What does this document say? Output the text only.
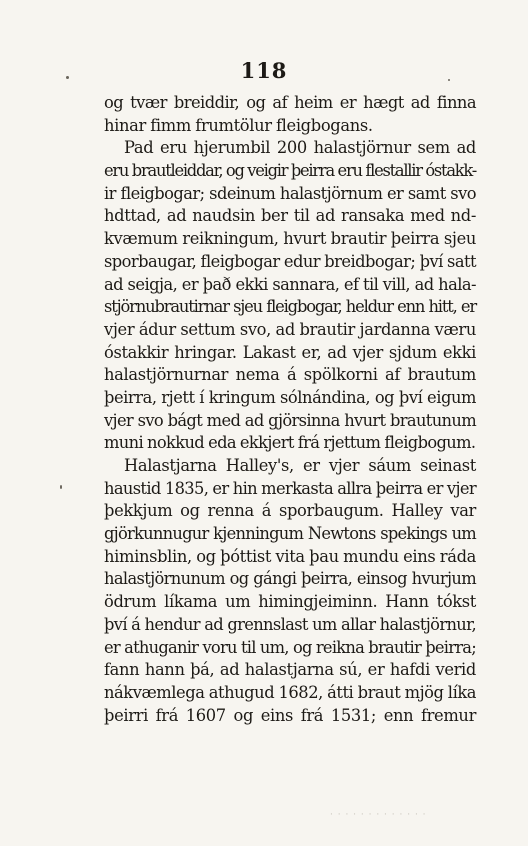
118
og tvær breiddir, og af heim er hægt ad finna
hinar fimm frumtölur fleigbogans.
Pad eru hjerumbil 200 halastjörnur sem ad
eru brautleiddar, og veigir þeirra eru flestallir óstakk-
ir fleigbogar; sdeinum halastjörnum er samt svo
hdttad, ad naudsin ber til ad ransaka med nd-
kvæmum reikningum, hvurt brautir þeirra sjeu
sporbaugar, fleigbogar edur breidbogar; því satt
ad seigja, er það ekki sannara, ef til vill, ad hala-
stjörnubrautirnar sjeu fleigbogar, heldur enn hitt, er
vjer ádur settum svo, ad brautir jardanna væru
óstakkir hringar. Lakast er, ad vjer sjdum ekki
halastjörnurnar nema á spölkorni af brautum
þeirra, rjett í kringum sólnándina, og því eigum
vjer svo bágt med ad gjörsinna hvurt brautunum
muni nokkud eda ekkjert frá rjettum fleigbogum.
Halastjarna Halley's, er vjer sáum seinast
haustid 1835, er hin merkasta allra þeirra er vjer
þekkjum og renna á sporbaugum. Halley var
gjörkunnugur kjenningum Newtons spekings um
himinsblin, og þóttist vita þau mundu eins ráda
halastjörnunum og gángi þeirra, einsog hvurjum
ödrum líkama um himingjeiminn. Hann tókst
því á hendur ad grennslast um allar halastjörnur,
er athuganir voru til um, og reikna brautir þeirra;
fann hann þá, ad halastjarna sú, er hafdi verid
nákvæmlega athugud 1682, átti braut mjög líka
þeirri frá 1607 og eins frá 1531; enn fremur
· · · · · · · · · · · · ·
